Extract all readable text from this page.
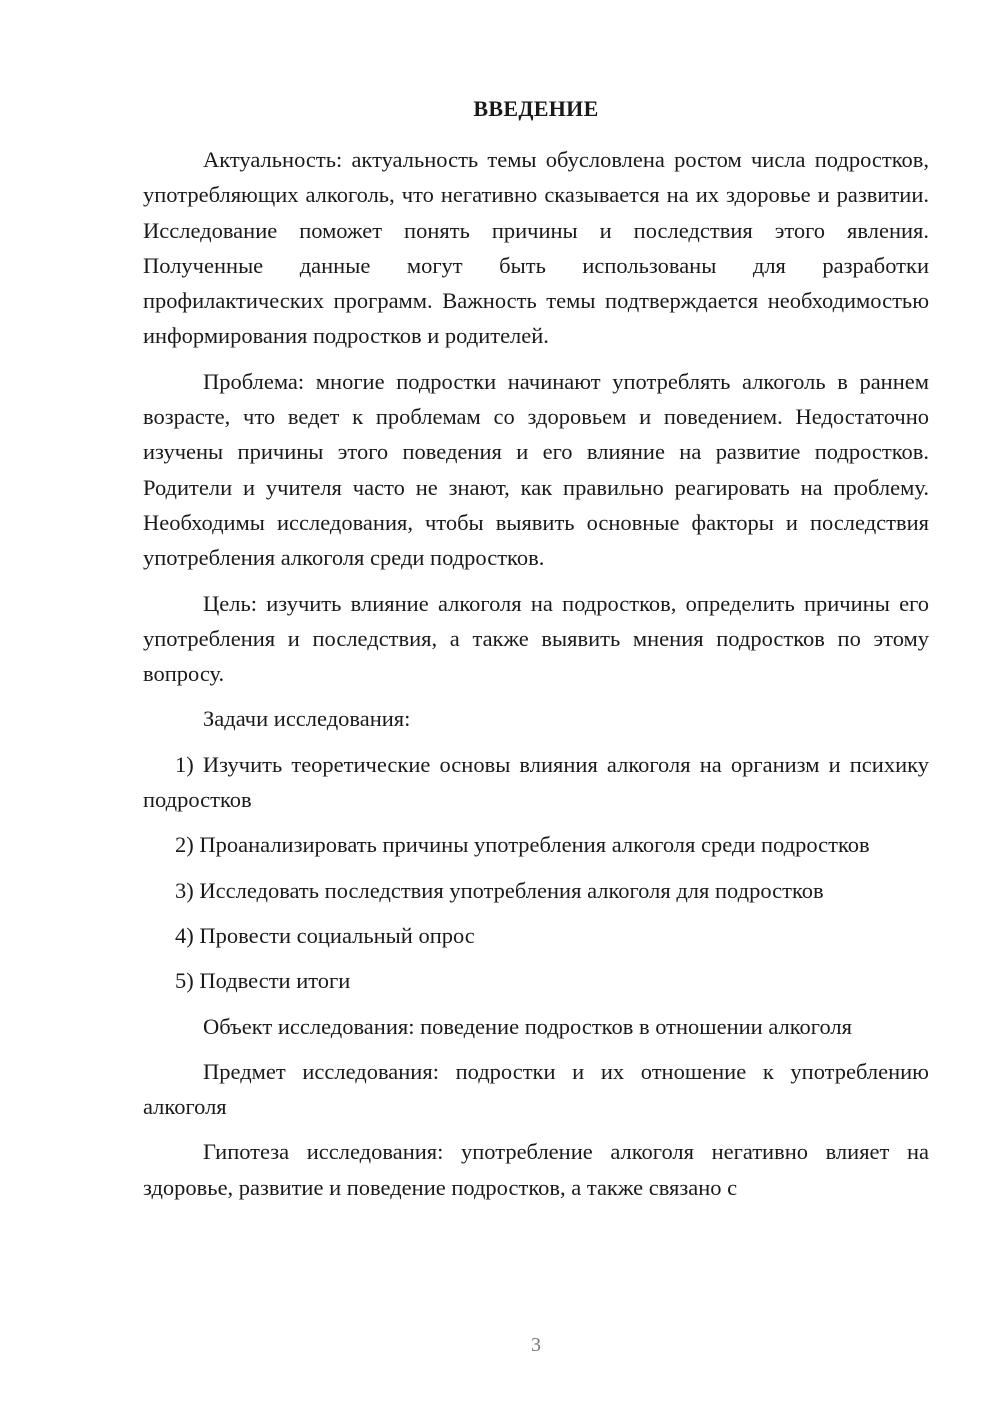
ВВЕДЕНИЕ

Актуальность: актуальность темы обусловлена ростом числа подростков, употребляющих алкоголь, что негативно сказывается на их здоровье и развитии. Исследование поможет понять причины и последствия этого явления. Полученные данные могут быть использованы для разработки профилактических программ. Важность темы подтверждается необходимостью информирования подростков и родителей.

Проблема: многие подростки начинают употреблять алкоголь в раннем возрасте, что ведет к проблемам со здоровьем и поведением. Недостаточно изучены причины этого поведения и его влияние на развитие подростков. Родители и учителя часто не знают, как правильно реагировать на проблему. Необходимы исследования, чтобы выявить основные факторы и последствия употребления алкоголя среди подростков.

Цель: изучить влияние алкоголя на подростков, определить причины его употребления и последствия, а также выявить мнения подростков по этому вопросу.

Задачи исследования:

1) Изучить теоретические основы влияния алкоголя на организм и психику подростков

2) Проанализировать причины употребления алкоголя среди подростков

3) Исследовать последствия употребления алкоголя для подростков

4) Провести социальный опрос

5) Подвести итоги

Объект исследования: поведение подростков в отношении алкоголя

Предмет исследования: подростки и их отношение к употреблению алкоголя

Гипотеза исследования: употребление алкоголя негативно влияет на здоровье, развитие и поведение подростков, а также связано с

3
